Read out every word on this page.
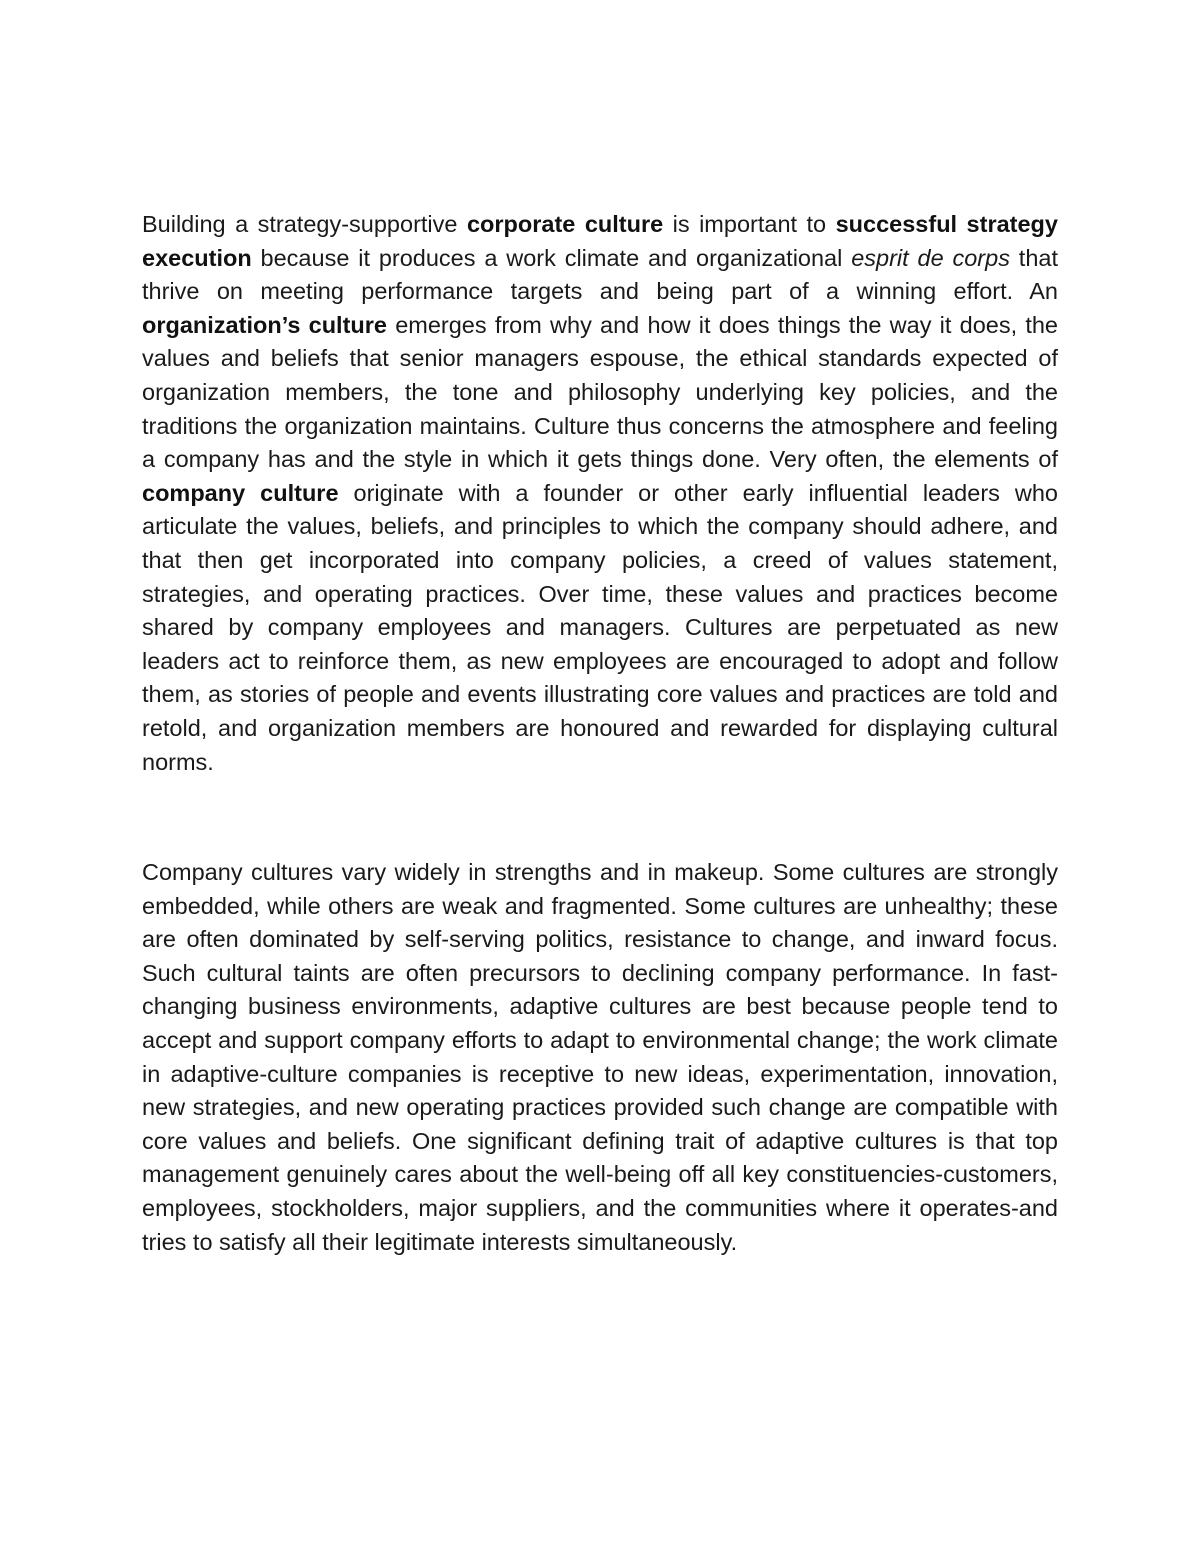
Building a strategy-supportive corporate culture is important to successful strategy execution because it produces a work climate and organizational esprit de corps that thrive on meeting performance targets and being part of a winning effort. An organization’s culture emerges from why and how it does things the way it does, the values and beliefs that senior managers espouse, the ethical standards expected of organization members, the tone and philosophy underlying key policies, and the traditions the organization maintains. Culture thus concerns the atmosphere and feeling a company has and the style in which it gets things done. Very often, the elements of company culture originate with a founder or other early influential leaders who articulate the values, beliefs, and principles to which the company should adhere, and that then get incorporated into company policies, a creed of values statement, strategies, and operating practices. Over time, these values and practices become shared by company employees and managers. Cultures are perpetuated as new leaders act to reinforce them, as new employees are encouraged to adopt and follow them, as stories of people and events illustrating core values and practices are told and retold, and organization members are honoured and rewarded for displaying cultural norms.

Company cultures vary widely in strengths and in makeup. Some cultures are strongly embedded, while others are weak and fragmented. Some cultures are unhealthy; these are often dominated by self-serving politics, resistance to change, and inward focus. Such cultural taints are often precursors to declining company performance. In fast-changing business environments, adaptive cultures are best because people tend to accept and support company efforts to adapt to environmental change; the work climate in adaptive-culture companies is receptive to new ideas, experimentation, innovation, new strategies, and new operating practices provided such change are compatible with core values and beliefs. One significant defining trait of adaptive cultures is that top management genuinely cares about the well-being off all key constituencies-customers, employees, stockholders, major suppliers, and the communities where it operates-and tries to satisfy all their legitimate interests simultaneously.
